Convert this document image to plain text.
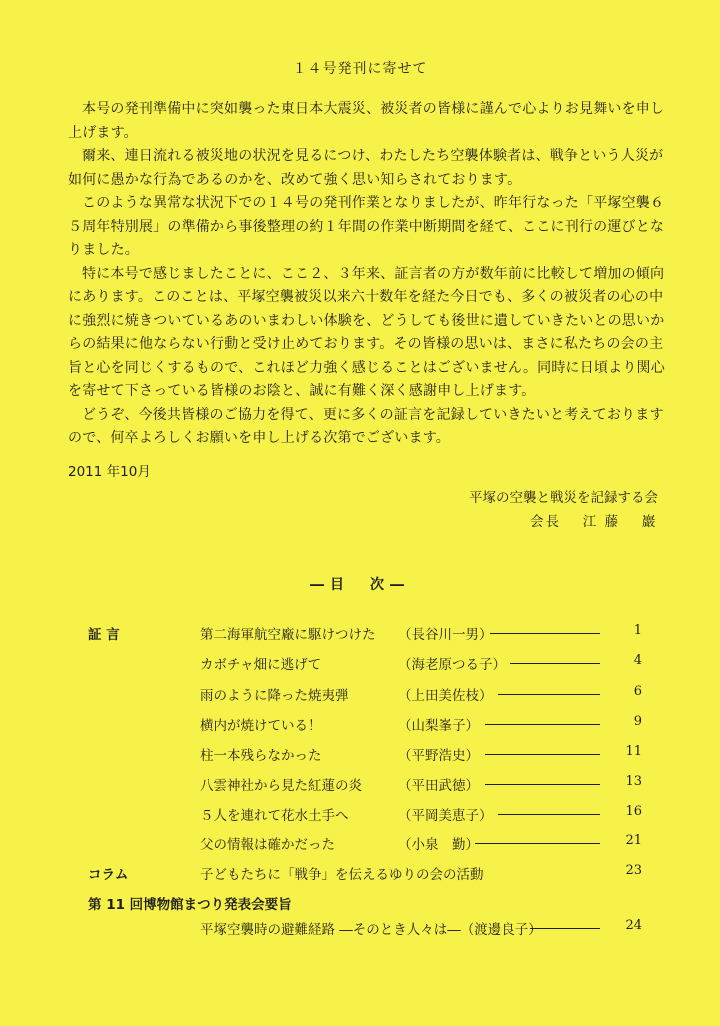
１４号発刊に寄せて

本号の発刊準備中に突如襲った東日本大震災、被災者の皆様に謹んで心よりお見舞いを申し上げます。

爾来、連日流れる被災地の状況を見るにつけ、わたしたち空襲体験者は、戦争という人災が如何に愚かな行為であるのかを、改めて強く思い知らされております。

このような異常な状況下での１４号の発刊作業となりましたが、昨年行なった「平塚空襲６５周年特別展」の準備から事後整理の約１年間の作業中断期間を経て、ここに刊行の運びとなりました。

特に本号で感じましたことに、ここ２、３年来、証言者の方が数年前に比較して増加の傾向にあります。このことは、平塚空襲被災以来六十数年を経た今日でも、多くの被災者の心の中に強烈に焼きついているあのいまわしい体験を、どうしても後世に遺していきたいとの思いからの結果に他ならない行動と受け止めております。その皆様の思いは、まさに私たちの会の主旨と心を同じくするもので、これほど力強く感じることはございません。同時に日頃より関心を寄せて下さっている皆様のお陰と、誠に有難く深く感謝申し上げます。

どうぞ、今後共皆様のご協力を得て、更に多くの証言を記録していきたいと考えておりますので、何卒よろしくお願いを申し上げる次第でございます。

2011 年10月
平塚の空襲と戦災を記録する会
会長　 江 藤　 巖
―目　次―
証 言	第二海軍航空廠に駆けつけた （長谷川一男）	1
カボチャ畑に逃げて	（海老原つる子）	4
雨のように降った焼夷弾	（上田美佐枝）	6
横内が焼けている！	（山梨峯子）	9
柱一本残らなかった	（平野浩史）	11
八雲神社から見た紅蓮の炎	（平田武徳）	13
５人を連れて花水土手へ	（平岡美恵子）	16
父の情報は確かだった	（小泉　勤）	21
コラム	子どもたちに「戦争」を伝えるゆりの会の活動	23
第 11 回博物館まつり発表会要旨
平塚空襲時の避難経路 ―そのとき人々は―（渡邊良子）	24
